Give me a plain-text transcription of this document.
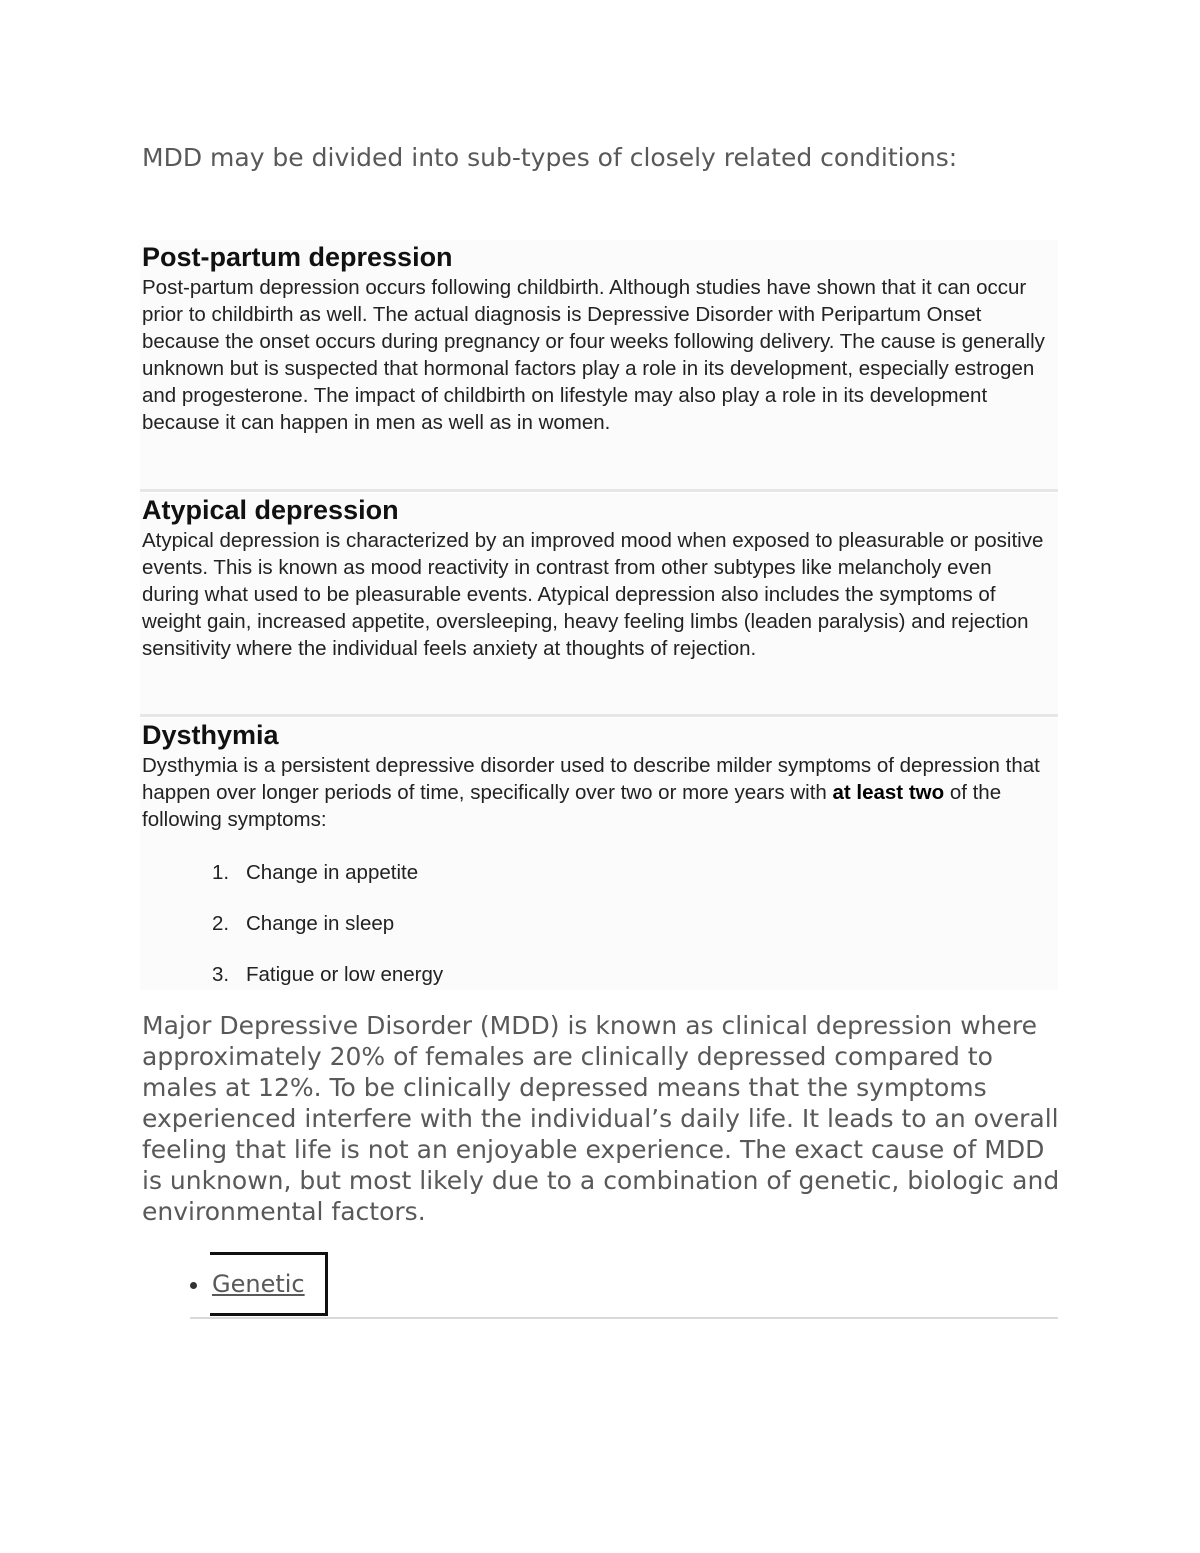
MDD may be divided into sub-types of closely related conditions:

Post-partum depression

Post-partum depression occurs following childbirth. Although studies have shown that it can occur prior to childbirth as well. The actual diagnosis is Depressive Disorder with Peripartum Onset because the onset occurs during pregnancy or four weeks following delivery. The cause is generally unknown but is suspected that hormonal factors play a role in its development, especially estrogen and progesterone. The impact of childbirth on lifestyle may also play a role in its development because it can happen in men as well as in women.

Atypical depression

Atypical depression is characterized by an improved mood when exposed to pleasurable or positive events. This is known as mood reactivity in contrast from other subtypes like melancholy even during what used to be pleasurable events. Atypical depression also includes the symptoms of weight gain, increased appetite, oversleeping, heavy feeling limbs (leaden paralysis) and rejection sensitivity where the individual feels anxiety at thoughts of rejection.

Dysthymia

Dysthymia is a persistent depressive disorder used to describe milder symptoms of depression that happen over longer periods of time, specifically over two or more years with at least two of the following symptoms:

1. Change in appetite
2. Change in sleep
3. Fatigue or low energy

Major Depressive Disorder (MDD) is known as clinical depression where approximately 20% of females are clinically depressed compared to males at 12%. To be clinically depressed means that the symptoms experienced interfere with the individual’s daily life. It leads to an overall feeling that life is not an enjoyable experience. The exact cause of MDD is unknown, but most likely due to a combination of genetic, biologic and environmental factors.

Genetic
